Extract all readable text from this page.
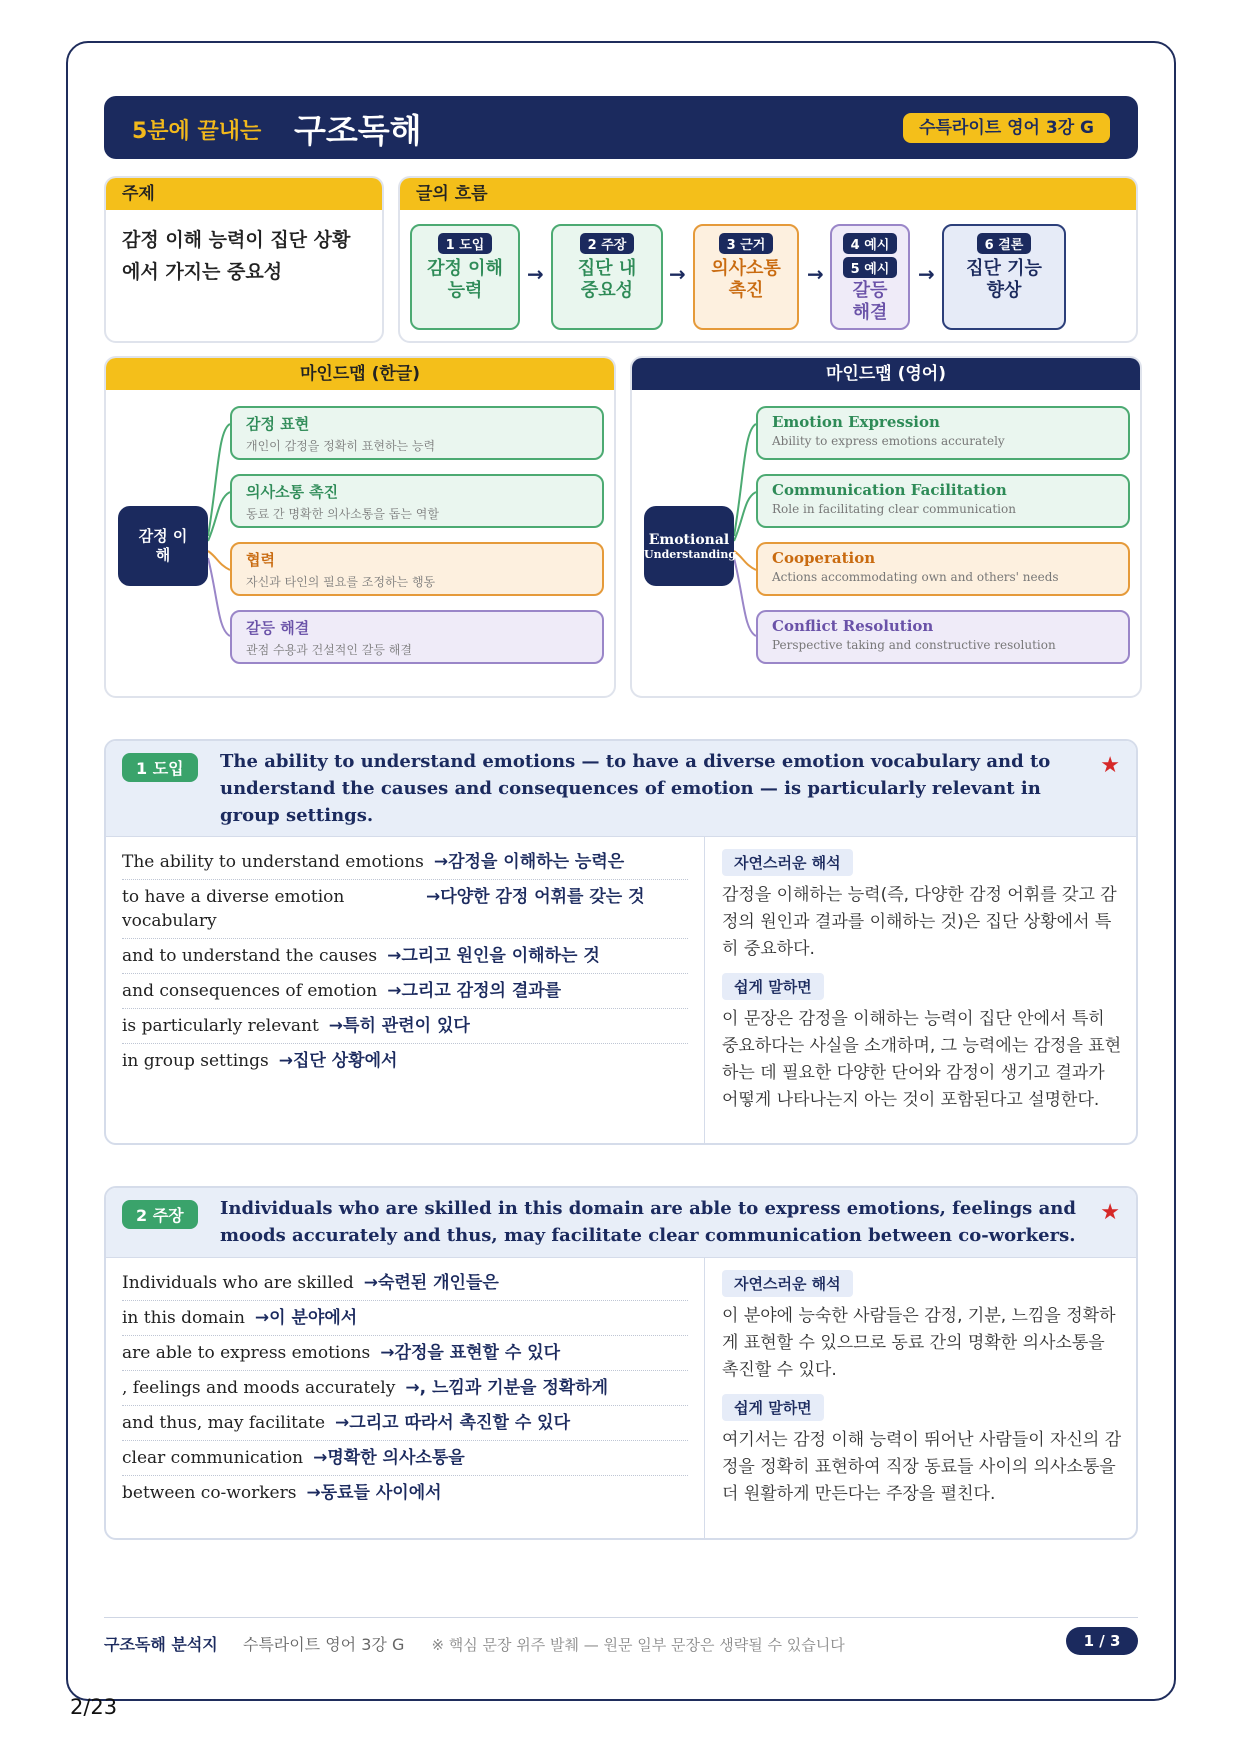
5분에 끝내는 구조독해	수특라이트 영어 3강 G
주제
감정 이해 능력이 집단 상황에서 가지는 중요성
글의 흐름
1 도입
감정 이해 능력
→
2 주장
집단 내 중요성
→
3 근거
의사소통 촉진
→
4 예시
5 예시
갈등 해결
→
6 결론
집단 기능 향상
마인드맵 (한글)
감정 이해
감정 표현
개인이 감정을 정확히 표현하는 능력
의사소통 촉진
동료 간 명확한 의사소통을 돕는 역할
협력
자신과 타인의 필요를 조정하는 행동
갈등 해결
관점 수용과 건설적인 갈등 해결
마인드맵 (영어)
Emotional
Understanding
Emotion Expression
Ability to express emotions accurately
Communication Facilitation
Role in facilitating clear communication
Cooperation
Actions accommodating own and others' needs
Conflict Resolution
Perspective taking and constructive resolution
1 도입	The ability to understand emotions — to have a diverse emotion vocabulary and to understand the causes and consequences of emotion — is particularly relevant in group settings.
★
The ability to understand emotions	→ 감정을 이해하는 능력은
to have a diverse emotion vocabulary
→ 다양한 감정 어휘를 갖는 것
and to understand the causes	→ 그리고 원인을 이해하는 것
and consequences of emotion	→ 그리고 감정의 결과를
is particularly relevant	→ 특히 관련이 있다
in group settings	→ 집단 상황에서
자연스러운 해석
감정을 이해하는 능력(즉, 다양한 감정 어휘를 갖고 감정의 원인과 결과를 이해하는 것)은 집단 상황에서 특히 중요하다.
쉽게 말하면
이 문장은 감정을 이해하는 능력이 집단 안에서 특히 중요하다는 사실을 소개하며, 그 능력에는 감정을 표현하는 데 필요한 다양한 단어와 감정이 생기고 결과가 어떻게 나타나는지 아는 것이 포함된다고 설명한다.
2 주장	Individuals who are skilled in this domain are able to express emotions, feelings and moods accurately and thus, may facilitate clear communication between co-workers.
★
Individuals who are skilled	→ 숙련된 개인들은
in this domain	→ 이 분야에서
are able to express emotions	→ 감정을 표현할 수 있다
, feelings and moods accurately	→ , 느낌과 기분을 정확하게
and thus, may facilitate	→ 그리고 따라서 촉진할 수 있다
clear communication	→ 명확한 의사소통을
between co-workers	→ 동료들 사이에서
자연스러운 해석
이 분야에 능숙한 사람들은 감정, 기분, 느낌을 정확하게 표현할 수 있으므로 동료 간의 명확한 의사소통을 촉진할 수 있다.
쉽게 말하면
여기서는 감정 이해 능력이 뛰어난 사람들이 자신의 감정을 정확히 표현하여 직장 동료들 사이의 의사소통을 더 원활하게 만든다는 주장을 펼친다.
구조독해 분석지 수특라이트 영어 3강 G ※ 핵심 문장 위주 발췌 — 원문 일부 문장은 생략될 수 있습니다	1 / 3
2/23
